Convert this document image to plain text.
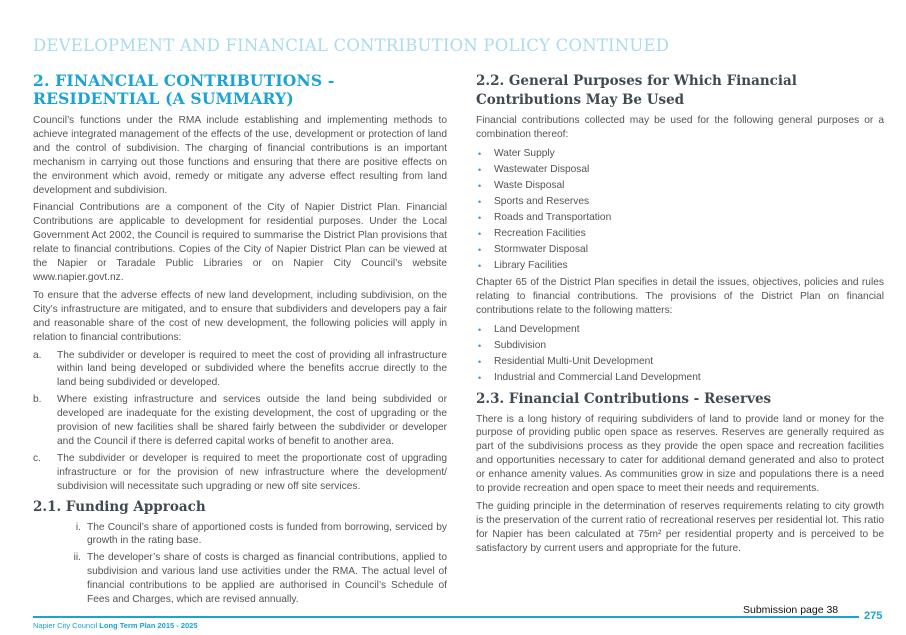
DEVELOPMENT AND FINANCIAL CONTRIBUTION POLICY CONTINUED
2. FINANCIAL CONTRIBUTIONS - RESIDENTIAL (A SUMMARY)

Council’s functions under the RMA include establishing and implementing methods to achieve integrated management of the effects of the use, development or protection of land and the control of subdivision. The charging of financial contributions is an important mechanism in carrying out those functions and ensuring that there are positive effects on the environment which avoid, remedy or mitigate any adverse effect resulting from land development and subdivision.

Financial Contributions are a component of the City of Napier District Plan. Financial Contributions are applicable to development for residential purposes. Under the Local Government Act 2002, the Council is required to summarise the District Plan provisions that relate to financial contributions. Copies of the City of Napier District Plan can be viewed at the Napier or Taradale Public Libraries or on Napier City Council’s website www.napier.govt.nz.

To ensure that the adverse effects of new land development, including subdivision, on the City’s infrastructure are mitigated, and to ensure that subdividers and developers pay a fair and reasonable share of the cost of new development, the following policies will apply in relation to financial contributions:

a. The subdivider or developer is required to meet the cost of providing all infrastructure within land being developed or subdivided where the benefits accrue directly to the land being subdivided or developed.
b. Where existing infrastructure and services outside the land being subdivided or developed are inadequate for the existing development, the cost of upgrading or the provision of new facilities shall be shared fairly between the subdivider or developer and the Council if there is deferred capital works of benefit to another area.
c. The subdivider or developer is required to meet the proportionate cost of upgrading infrastructure or for the provision of new infrastructure where the development/ subdivision will necessitate such upgrading or new off site services.
2.1. Funding Approach
i. The Council’s share of apportioned costs is funded from borrowing, serviced by growth in the rating base.
ii. The developer’s share of costs is charged as financial contributions, applied to subdivision and various land use activities under the RMA. The actual level of financial contributions to be applied are authorised in Council’s Schedule of Fees and Charges, which are revised annually.
2.2. General Purposes for Which Financial Contributions May Be Used

Financial contributions collected may be used for the following general purposes or a combination thereof:

• Water Supply
• Wastewater Disposal
• Waste Disposal
• Sports and Reserves
• Roads and Transportation
• Recreation Facilities
• Stormwater Disposal
• Library Facilities

Chapter 65 of the District Plan specifies in detail the issues, objectives, policies and rules relating to financial contributions. The provisions of the District Plan on financial contributions relate to the following matters:

• Land Development
• Subdivision
• Residential Multi-Unit Development
• Industrial and Commercial Land Development
2.3. Financial Contributions - Reserves

There is a long history of requiring subdividers of land to provide land or money for the purpose of providing public open space as reserves. Reserves are generally required as part of the subdivisions process as they provide the open space and recreation facilities and opportunities necessary to cater for additional demand generated and also to protect or enhance amenity values. As communities grow in size and populations there is a need to provide recreation and open space to meet their needs and requirements.

The guiding principle in the determination of reserves requirements relating to city growth is the preservation of the current ratio of recreational reserves per residential lot. This ratio for Napier has been calculated at 75m² per residential property and is perceived to be satisfactory by current users and appropriate for the future.

Submission page 38 275
Napier City Council Long Term Plan 2015 - 2025
